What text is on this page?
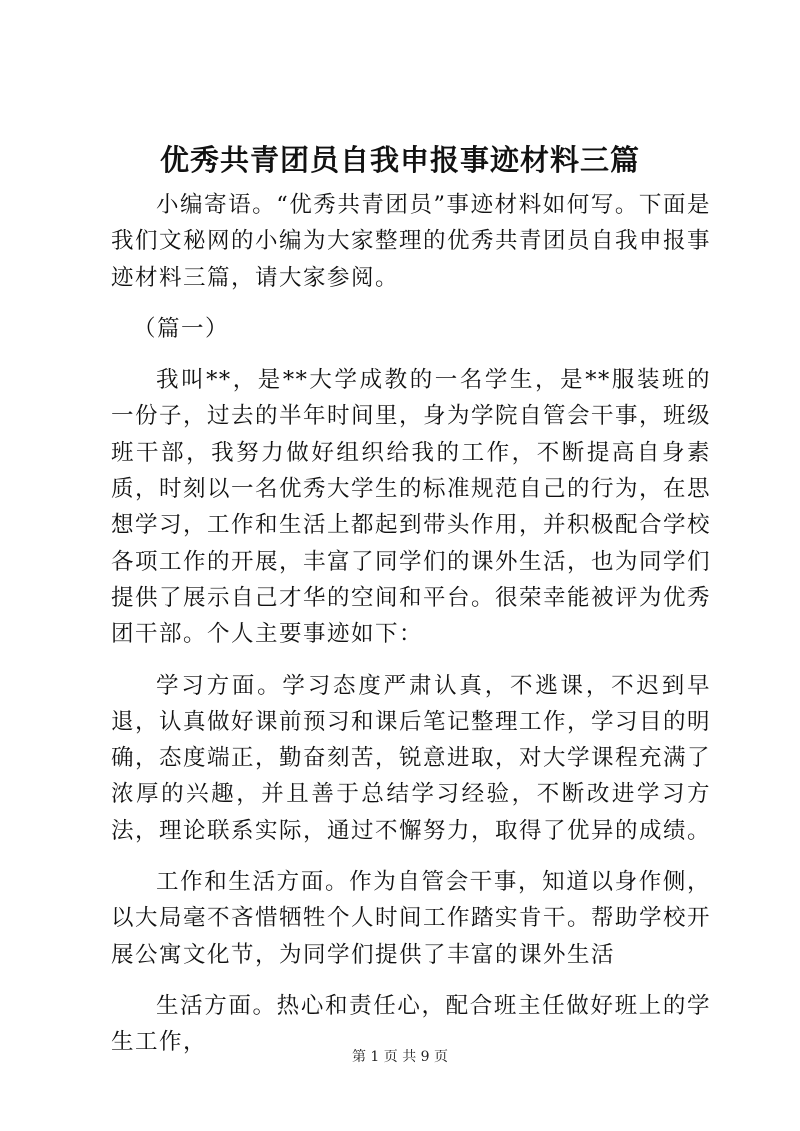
优秀共青团员自我申报事迹材料三篇

小编寄语。“优秀共青团员”事迹材料如何写。下面是我们文秘网的小编为大家整理的优秀共青团员自我申报事迹材料三篇，请大家参阅。

（篇一）

我叫**，是**大学成教的一名学生，是**服装班的一份子，过去的半年时间里，身为学院自管会干事，班级班干部，我努力做好组织给我的工作，不断提高自身素质，时刻以一名优秀大学生的标准规范自己的行为，在思想学习，工作和生活上都起到带头作用，并积极配合学校各项工作的开展，丰富了同学们的课外生活，也为同学们提供了展示自己才华的空间和平台。很荣幸能被评为优秀团干部。个人主要事迹如下：

学习方面。学习态度严肃认真，不逃课，不迟到早退，认真做好课前预习和课后笔记整理工作，学习目的明确，态度端正，勤奋刻苦，锐意进取，对大学课程充满了浓厚的兴趣，并且善于总结学习经验，不断改进学习方法，理论联系实际，通过不懈努力，取得了优异的成绩。

工作和生活方面。作为自管会干事，知道以身作侧，以大局毫不吝惜牺牲个人时间工作踏实肯干。帮助学校开展公寓文化节，为同学们提供了丰富的课外生活

生活方面。热心和责任心，配合班主任做好班上的学生工作，

第 1 页 共 9 页
